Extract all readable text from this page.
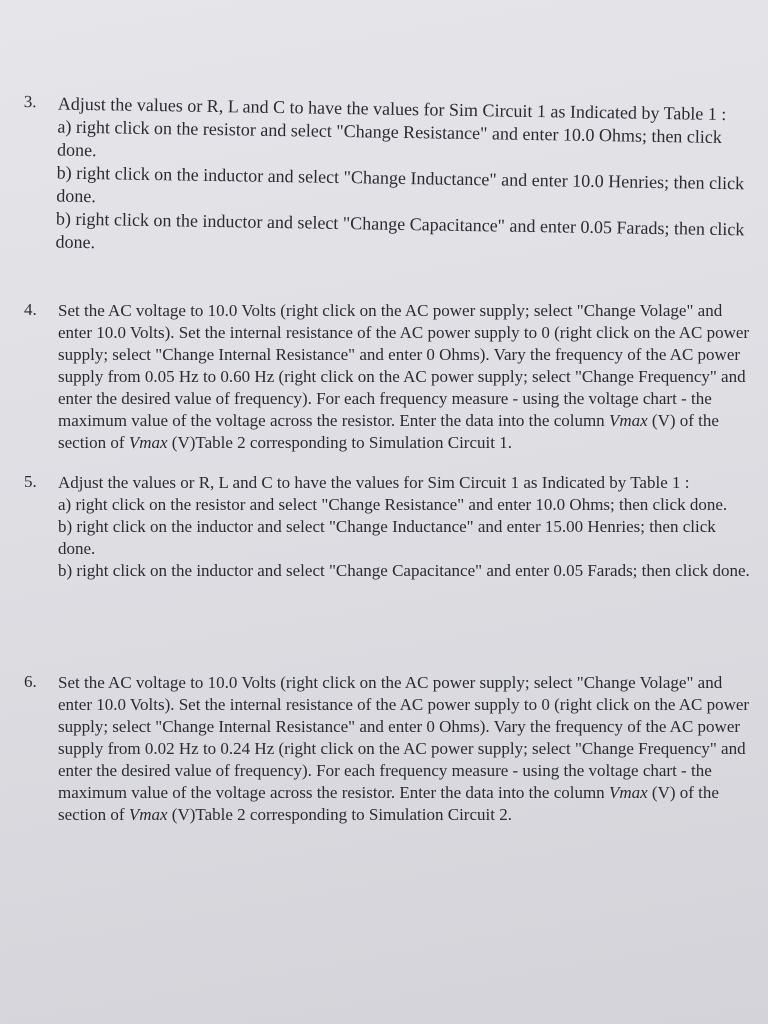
3.	Adjust the values or R, L and C to have the values for Sim Circuit 1 as Indicated by Table 1 :

a) right click on the resistor and select "Change Resistance" and enter 10.0 Ohms; then click done.

b) right click on the inductor and select "Change Inductance" and enter 10.0 Henries; then click done.

b) right click on the inductor and select "Change Capacitance" and enter 0.05 Farads; then click done.

4.	Set the AC voltage to 10.0 Volts (right click on the AC power supply; select "Change Volage" and enter 10.0 Volts). Set the internal resistance of the AC power supply to 0 (right click on the AC power supply; select "Change Internal Resistance" and enter 0 Ohms). Vary the frequency of the AC power supply from 0.05 Hz to 0.60 Hz (right click on the AC power supply; select "Change Frequency" and enter the desired value of frequency). For each frequency measure - using the voltage chart - the maximum value of the voltage across the resistor. Enter the data into the column Vmax (V) of the section of Vmax (V)Table 2 corresponding to Simulation Circuit 1.

5.	Adjust the values or R, L and C to have the values for Sim Circuit 1 as Indicated by Table 1 :

a) right click on the resistor and select "Change Resistance" and enter 10.0 Ohms; then click done.

b) right click on the inductor and select "Change Inductance" and enter 15.00 Henries; then click done.

b) right click on the inductor and select "Change Capacitance" and enter 0.05 Farads; then click done.

6.	Set the AC voltage to 10.0 Volts (right click on the AC power supply; select "Change Volage" and enter 10.0 Volts). Set the internal resistance of the AC power supply to 0 (right click on the AC power supply; select "Change Internal Resistance" and enter 0 Ohms). Vary the frequency of the AC power supply from 0.02 Hz to 0.24 Hz (right click on the AC power supply; select "Change Frequency" and enter the desired value of frequency). For each frequency measure - using the voltage chart - the maximum value of the voltage across the resistor. Enter the data into the column Vmax (V) of the section of Vmax (V)Table 2 corresponding to Simulation Circuit 2.
